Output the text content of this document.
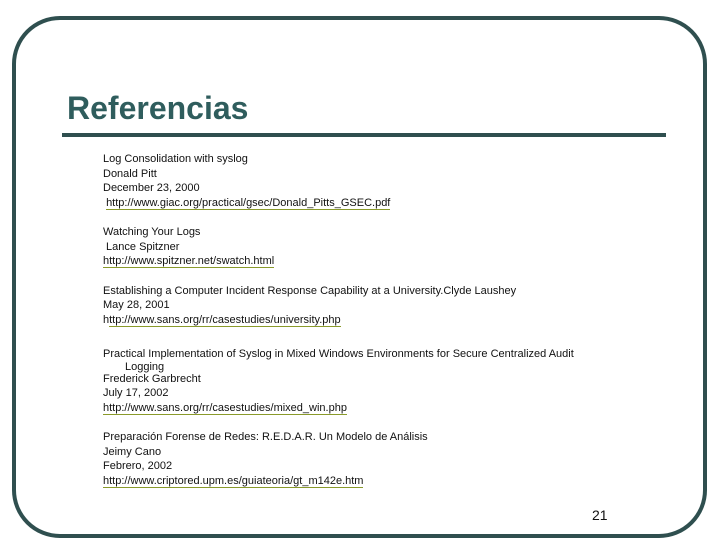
Referencias
Log Consolidation with syslog
Donald Pitt
December 23, 2000
http://www.giac.org/practical/gsec/Donald_Pitts_GSEC.pdf
Watching Your Logs
Lance Spitzner
http://www.spitzner.net/swatch.html
Establishing a Computer Incident Response Capability at a University.Clyde Laushey
May 28, 2001
http://www.sans.org/rr/casestudies/university.php
Practical Implementation of Syslog in Mixed Windows Environments for Secure Centralized Audit
Logging
Frederick Garbrecht
July 17, 2002
http://www.sans.org/rr/casestudies/mixed_win.php
Preparación Forense de Redes: R.E.D.A.R. Un Modelo de Análisis
Jeimy Cano
Febrero, 2002
http://www.criptored.upm.es/guiateoria/gt_m142e.htm
21
